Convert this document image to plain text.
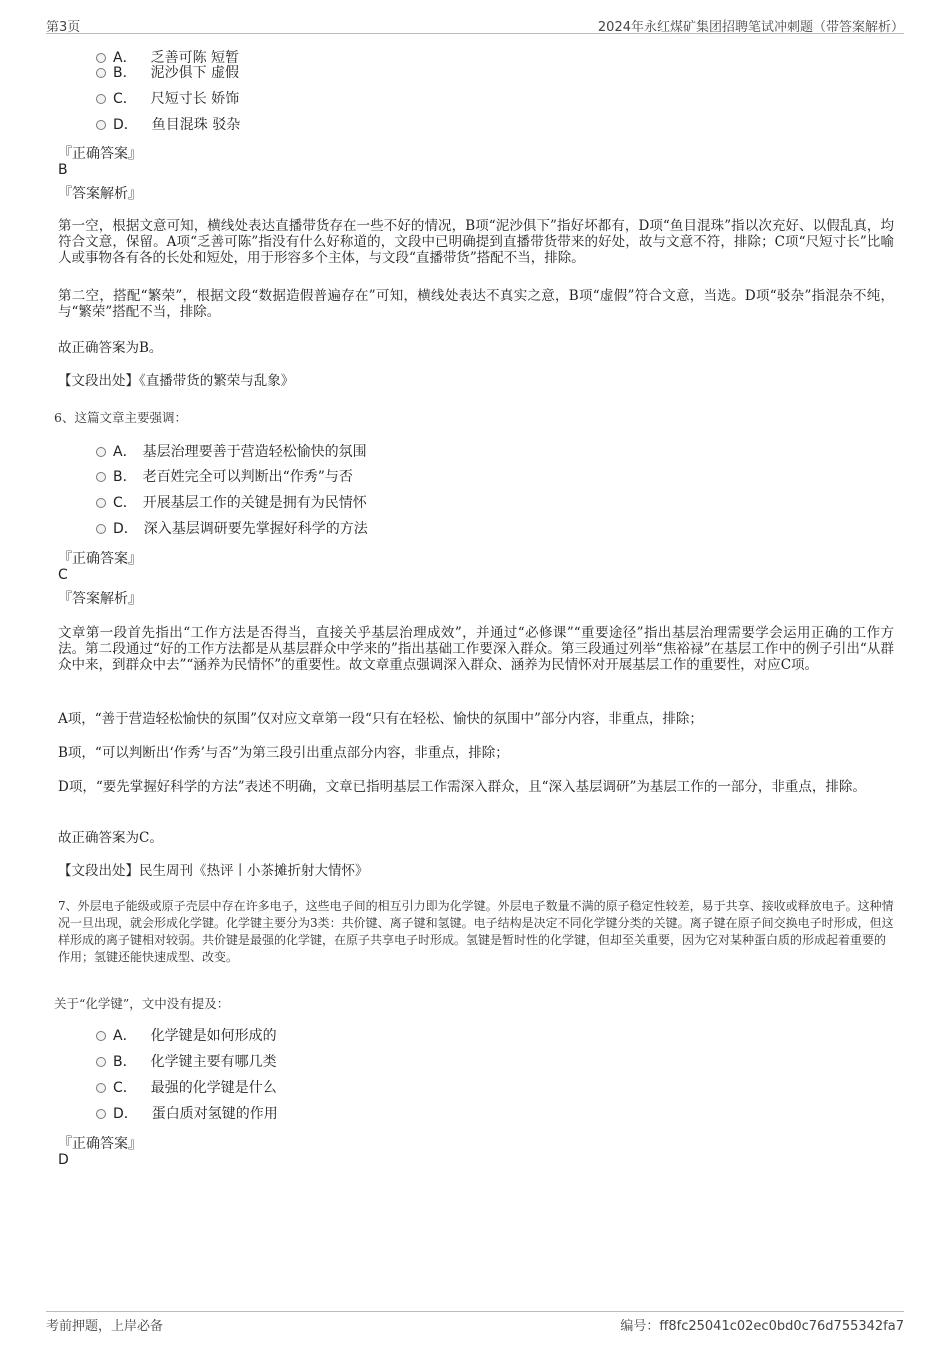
第3页	2024年永红煤矿集团招聘笔试冲刺题（带答案解析）
A． 乏善可陈 短暂
B． 泥沙俱下 虚假
C． 尺短寸长 娇饰
D． 鱼目混珠 驳杂
『正确答案』
B
『答案解析』
第一空，根据文意可知，横线处表达直播带货存在一些不好的情况，B项“泥沙俱下”指好坏都有，D项“鱼目混珠”指以次充好、以假乱真，均符合文意，保留。A项“乏善可陈”指没有什么好称道的，文段中已明确提到直播带货带来的好处，故与文意不符，排除；C项“尺短寸长”比喻人或事物各有各的长处和短处，用于形容多个主体，与文段“直播带货”搭配不当，排除。
第二空，搭配“繁荣”，根据文段“数据造假普遍存在”可知，横线处表达不真实之意，B项“虚假”符合文意，当选。D项“驳杂”指混杂不纯，与“繁荣”搭配不当，排除。
故正确答案为B。
【文段出处】《直播带货的繁荣与乱象》
6、这篇文章主要强调：
A． 基层治理要善于营造轻松愉快的氛围
B． 老百姓完全可以判断出“作秀”与否
C． 开展基层工作的关键是拥有为民情怀
D． 深入基层调研要先掌握好科学的方法
『正确答案』
C
『答案解析』
文章第一段首先指出“工作方法是否得当，直接关乎基层治理成效”，并通过“必修课”“重要途径”指出基层治理需要学会运用正确的工作方法。第二段通过“好的工作方法都是从基层群众中学来的”指出基础工作要深入群众。第三段通过列举“焦裕禄”在基层工作中的例子引出“从群众中来，到群众中去”“涵养为民情怀”的重要性。故文章重点强调深入群众、涵养为民情怀对开展基层工作的重要性，对应C项。
A项，“善于营造轻松愉快的氛围”仅对应文章第一段“只有在轻松、愉快的氛围中”部分内容，非重点，排除；
B项，“可以判断出‘作秀’与否”为第三段引出重点部分内容，非重点，排除；
D项，“要先掌握好科学的方法”表述不明确，文章已指明基层工作需深入群众，且“深入基层调研”为基层工作的一部分，非重点，排除。
故正确答案为C。
【文段出处】民生周刊《热评丨小茶摊折射大情怀》
7、外层电子能级或原子壳层中存在许多电子，这些电子间的相互引力即为化学键。外层电子数量不满的原子稳定性较差，易于共享、接收或释放电子。这种情况一旦出现，就会形成化学键。化学键主要分为3类：共价键、离子键和氢键。电子结构是决定不同化学键分类的关键。离子键在原子间交换电子时形成，但这样形成的离子键相对较弱。共价键是最强的化学键，在原子共享电子时形成。氢键是暂时性的化学键，但却至关重要，因为它对某种蛋白质的形成起着重要的作用；氢键还能快速成型、改变。
关于“化学键”，文中没有提及：
A． 化学键是如何形成的
B． 化学键主要有哪几类
C． 最强的化学键是什么
D． 蛋白质对氢键的作用
『正确答案』
D
考前押题，上岸必备	编号：ff8fc25041c02ec0bd0c76d755342fa7
